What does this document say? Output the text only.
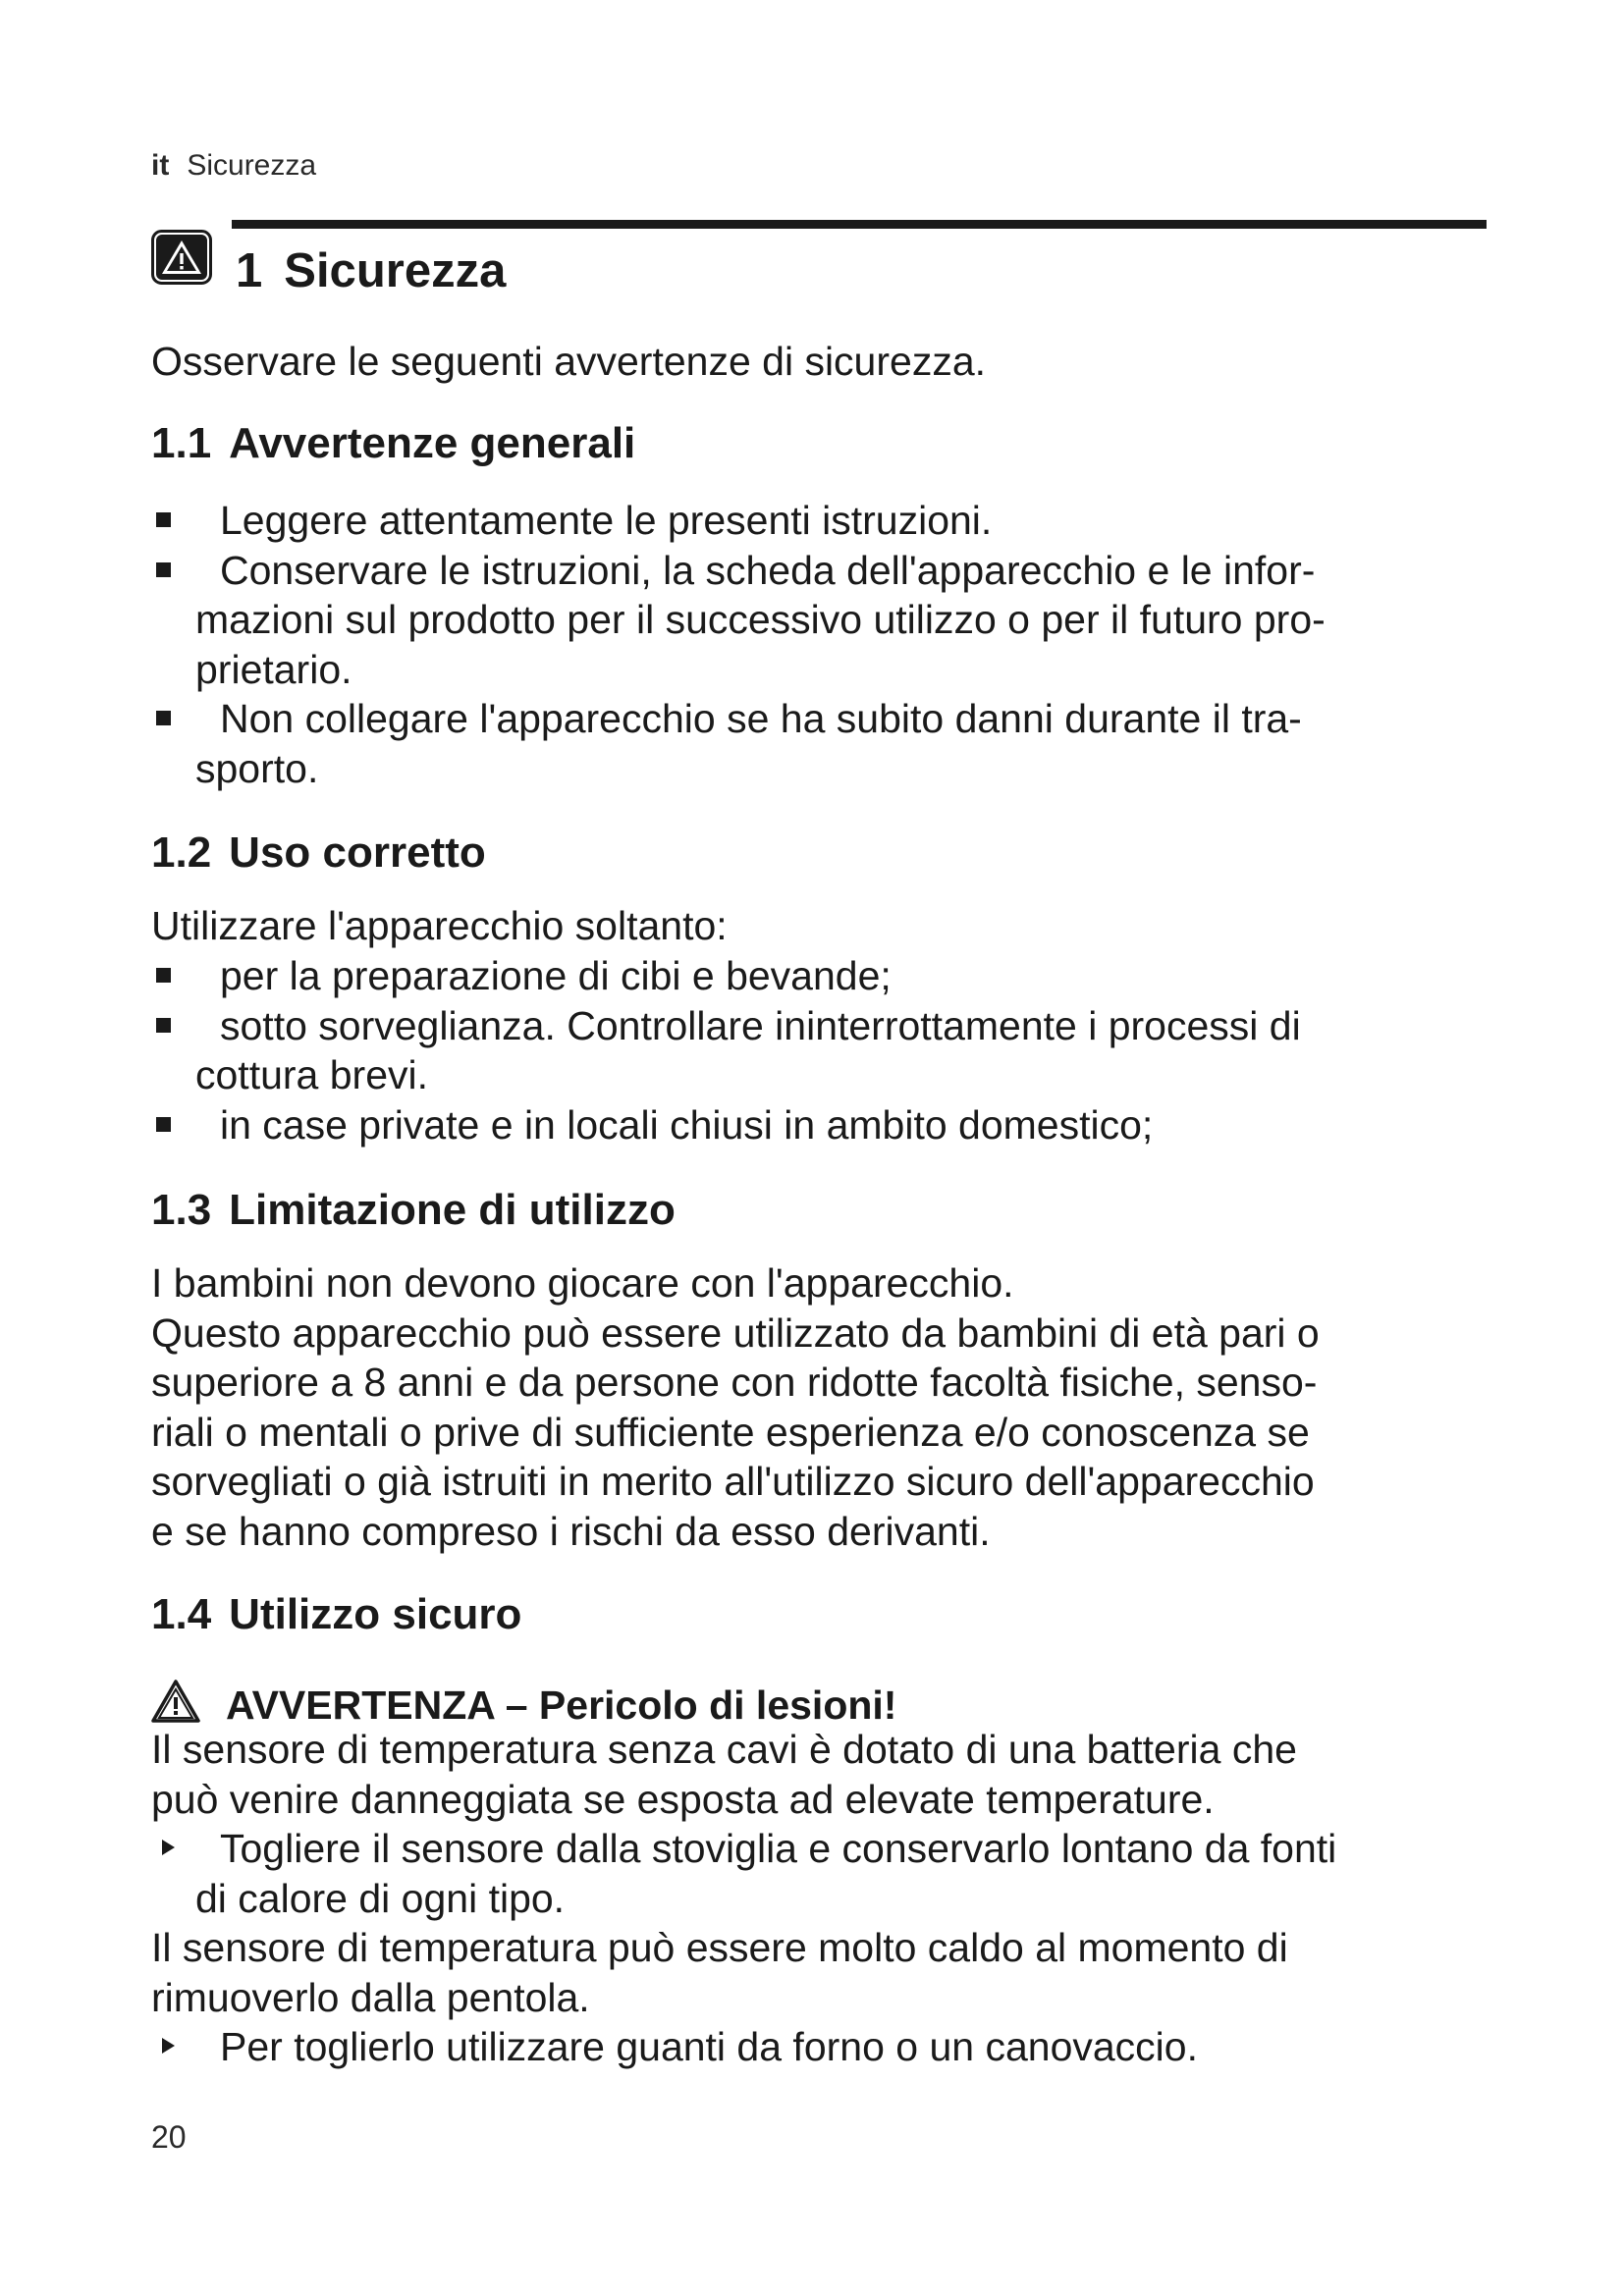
it Sicurezza
1 Sicurezza
Osservare le seguenti avvertenze di sicurezza.
1.1 Avvertenze generali
Leggere attentamente le presenti istruzioni.
Conservare le istruzioni, la scheda dell'apparecchio e le infor-
mazioni sul prodotto per il successivo utilizzo o per il futuro pro-
prietario.
Non collegare l'apparecchio se ha subito danni durante il tra-
sporto.
1.2 Uso corretto
Utilizzare l'apparecchio soltanto:
per la preparazione di cibi e bevande;
sotto sorveglianza. Controllare ininterrottamente i processi di
cottura brevi.
in case private e in locali chiusi in ambito domestico;
1.3 Limitazione di utilizzo
I bambini non devono giocare con l'apparecchio.
Questo apparecchio può essere utilizzato da bambini di età pari o
superiore a 8 anni e da persone con ridotte facoltà fisiche, senso-
riali o mentali o prive di sufficiente esperienza e/o conoscenza se
sorvegliati o già istruiti in merito all'utilizzo sicuro dell'apparecchio
e se hanno compreso i rischi da esso derivanti.
1.4 Utilizzo sicuro
AVVERTENZA – Pericolo di lesioni!
Il sensore di temperatura senza cavi è dotato di una batteria che
può venire danneggiata se esposta ad elevate temperature.
Togliere il sensore dalla stoviglia e conservarlo lontano da fonti
di calore di ogni tipo.
Il sensore di temperatura può essere molto caldo al momento di
rimuoverlo dalla pentola.
Per toglierlo utilizzare guanti da forno o un canovaccio.
20
